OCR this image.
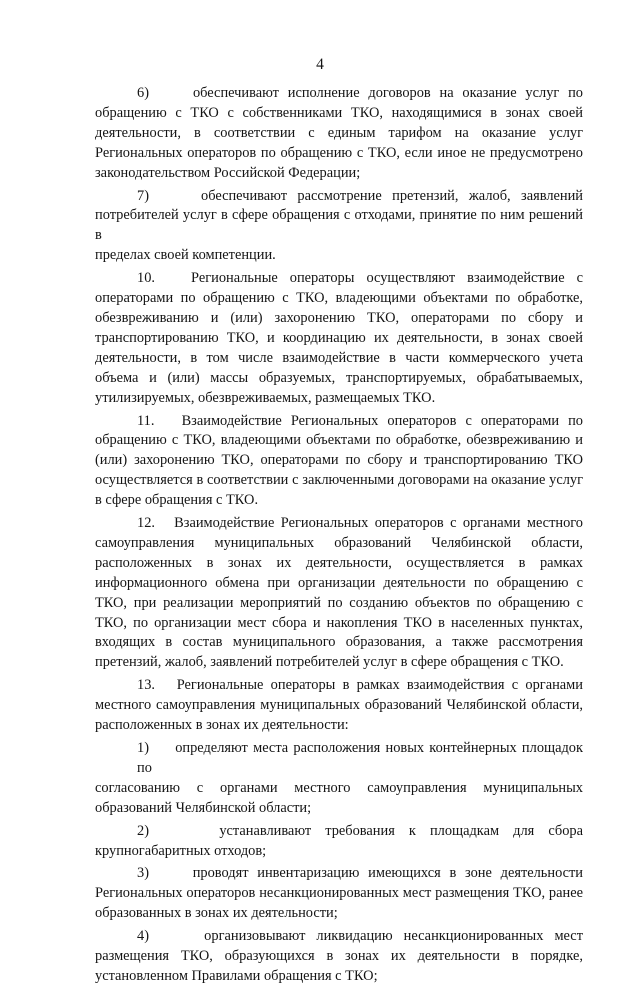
4
6)     обеспечивают исполнение договоров на оказание услуг по
обращению с ТКО с собственниками ТКО, находящимися в зонах своей
деятельности, в соответствии с единым тарифом на оказание услуг
Региональных операторов по обращению с ТКО, если иное не предусмотрено
законодательством Российской Федерации;
7)     обеспечивают рассмотрение претензий, жалоб, заявлений
потребителей услуг в сфере обращения с отходами, принятие по ним решений в
пределах своей компетенции.
10.   Региональные операторы осуществляют взаимодействие с
операторами по обращению с ТКО, владеющими объектами по обработке,
обезвреживанию и (или) захоронению ТКО, операторами по сбору и
транспортированию ТКО, и координацию их деятельности, в зонах своей
деятельности, в том числе взаимодействие в части коммерческого учета
объема и (или) массы образуемых, транспортируемых, обрабатываемых,
утилизируемых, обезвреживаемых, размещаемых ТКО.
11.   Взаимодействие Региональных операторов с операторами по
обращению с ТКО, владеющими объектами по обработке, обезвреживанию и
(или) захоронению ТКО, операторами по сбору и транспортированию ТКО
осуществляется в соответствии с заключенными договорами на оказание услуг
в сфере обращения с ТКО.
12.   Взаимодействие Региональных операторов с органами местного
самоуправления муниципальных образований Челябинской области,
расположенных в зонах их деятельности, осуществляется в рамках
информационного обмена при организации деятельности по обращению с
ТКО, при реализации мероприятий по созданию объектов по обращению с
ТКО, по организации мест сбора и накопления ТКО в населенных пунктах,
входящих в состав муниципального образования, а также рассмотрения
претензий, жалоб, заявлений потребителей услуг в сфере обращения с ТКО.
13.   Региональные операторы в рамках взаимодействия с органами
местного самоуправления муниципальных образований Челябинской области,
расположенных в зонах их деятельности:
1)     определяют места расположения новых контейнерных площадок по
согласованию с органами местного самоуправления муниципальных
образований Челябинской области;
2)     устанавливают требования к площадкам для сбора
крупногабаритных отходов;
3)     проводят инвентаризацию имеющихся в зоне деятельности
Региональных операторов несанкционированных мест размещения ТКО, ранее
образованных в зонах их деятельности;
4)     организовывают ликвидацию несанкционированных мест
размещения ТКО, образующихся в зонах их деятельности в порядке,
установленном Правилами обращения с ТКО;
